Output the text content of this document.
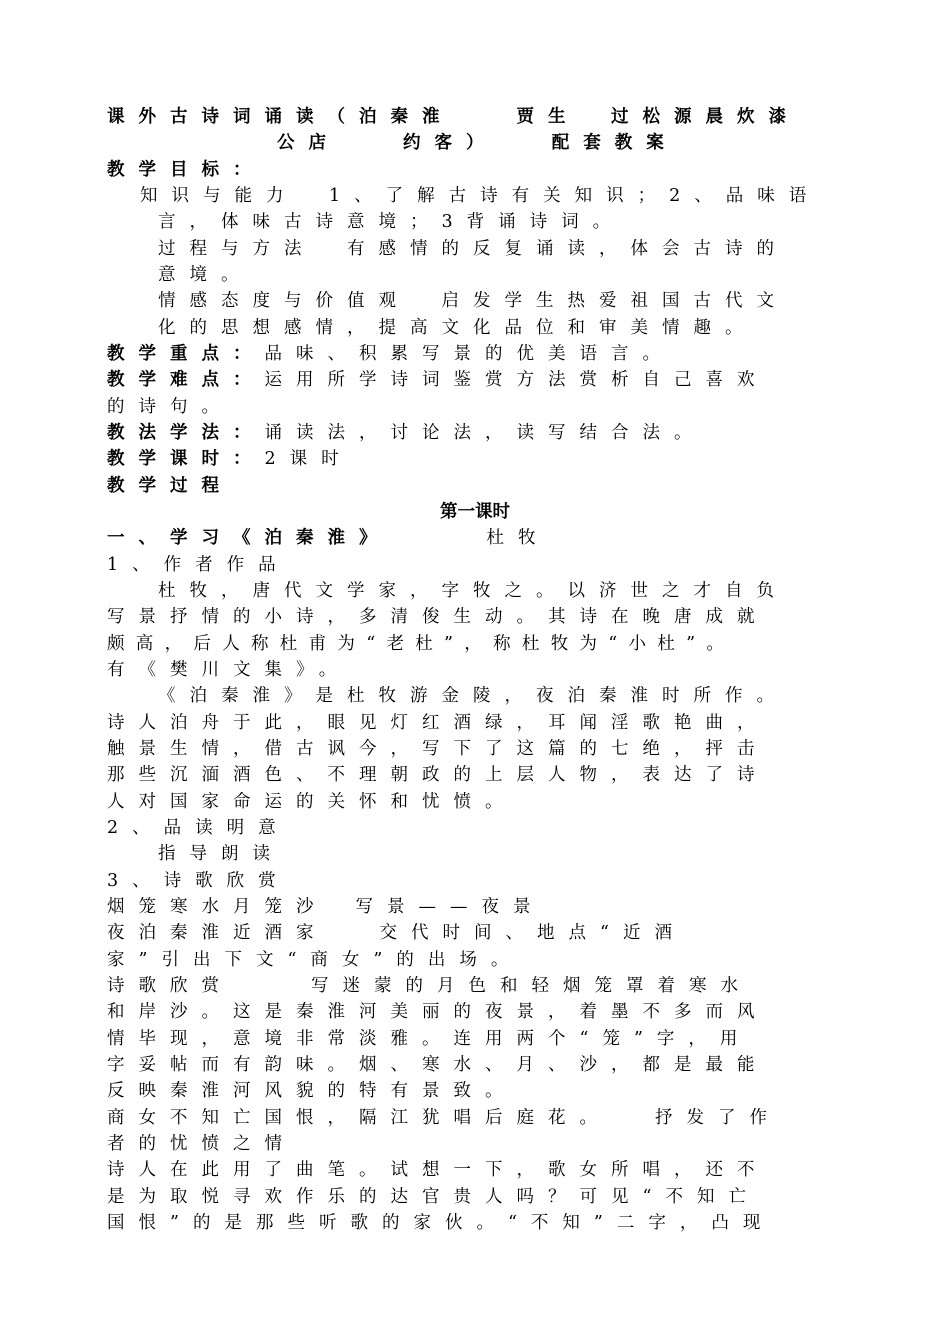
课外古诗词诵读（泊秦淮　　贾生　过松源晨炊漆
公店　　约客）　　配套教案
教学目标：
知识与能力　1、了解古诗有关知识；2、品味语
言，体味古诗意境；3背诵诗词。
过程与方法　有感情的反复诵读，体会古诗的
意境。
情感态度与价值观　启发学生热爱祖国古代文
化的思想感情，提高文化品位和审美情趣。
教学重点：品味、积累写景的优美语言。
教学难点：运用所学诗词鉴赏方法赏析自己喜欢
的诗句。
教法学法：诵读法，讨论法，读写结合法。
教学课时：2课时
教学过程
第一课时
一、学习《泊秦淮》	杜牧
1、作者作品
杜牧，唐代文学家，字牧之。以济世之才自负
写景抒情的小诗，多清俊生动。其诗在晚唐成就
颇高，后人称杜甫为“老杜”，称杜牧为“小杜”。
有《樊川文集》。
《泊秦淮》是杜牧游金陵，夜泊秦淮时所作。
诗人泊舟于此，眼见灯红酒绿，耳闻淫歌艳曲，
触景生情，借古讽今，写下了这篇的七绝，抨击
那些沉湎酒色、不理朝政的上层人物，表达了诗
人对国家命运的关怀和忧愤。
2、品读明意
指导朗读
3、诗歌欣赏
烟笼寒水月笼沙 写景——夜景
夜泊秦淮近酒家	交代时间、地点“近酒
家”引出下文“商女”的出场。
诗歌欣赏	写迷蒙的月色和轻烟笼罩着寒水
和岸沙。这是秦淮河美丽的夜景，着墨不多而风
情毕现，意境非常淡雅。连用两个“笼”字，用
字妥帖而有韵味。烟、寒水、月、沙，都是最能
反映秦淮河风貌的特有景致。
商女不知亡国恨，隔江犹唱后庭花。	抒发了作
者的忧愤之情
诗人在此用了曲笔。试想一下，歌女所唱，还不
是为取悦寻欢作乐的达官贵人吗？可见“不知亡
国恨”的是那些听歌的家伙。“不知”二字，凸现
